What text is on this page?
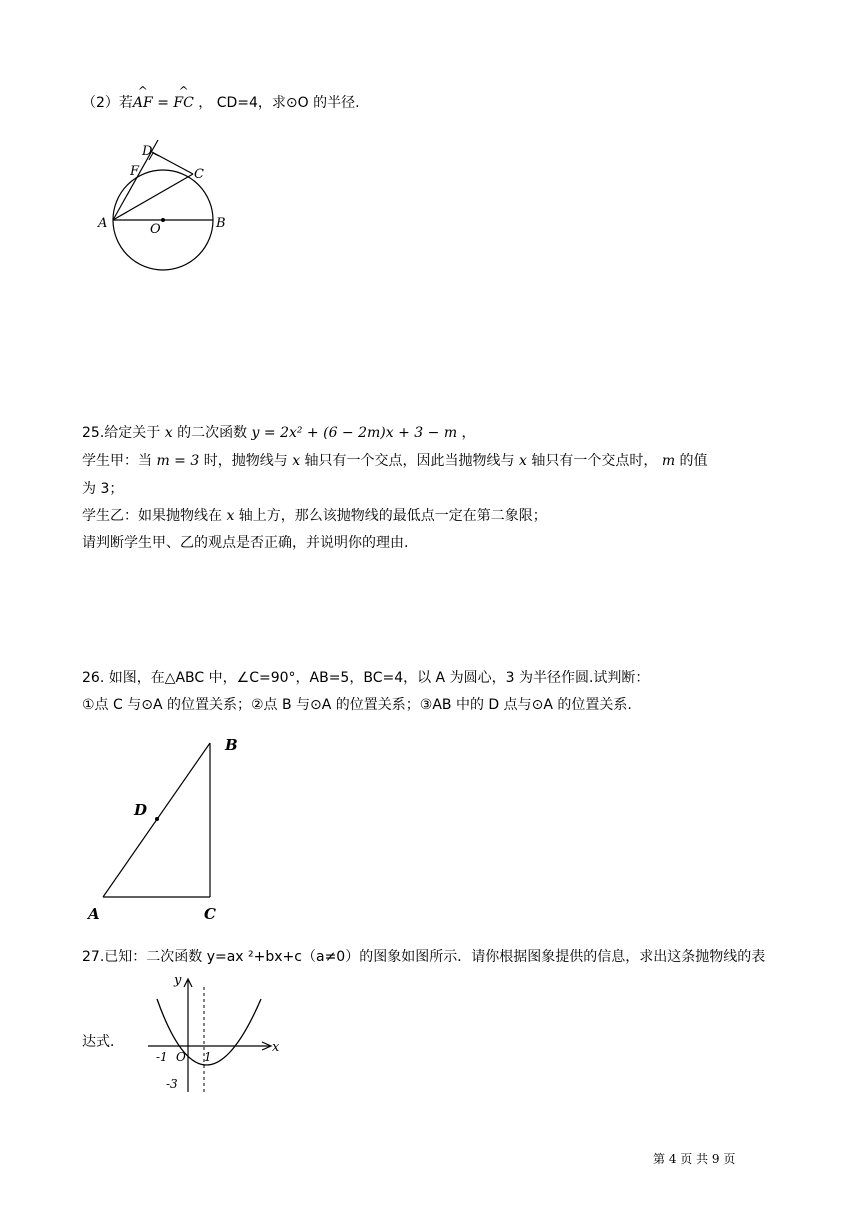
（2）若^ AF = ^ FC ， CD=4，求⊙O 的半径.
A	B
C
D
F
O
25.给定关于 x 的二次函数 y = 2x² + (6 − 2m)x + 3 − m ，
学生甲：当 m = 3 时，抛物线与 x 轴只有一个交点，因此当抛物线与 x 轴只有一个交点时， m 的值
为 3；
学生乙：如果抛物线在 x 轴上方，那么该抛物线的最低点一定在第二象限；
请判断学生甲、乙的观点是否正确，并说明你的理由.
26. 如图，在△ABC 中，∠C=90°，AB=5，BC=4，以 A 为圆心，3 为半径作圆.试判断：
①点 C 与⊙A 的位置关系；②点 B 与⊙A 的位置关系；③AB 中的 D 点与⊙A 的位置关系.
B
D
A	C
27.已知：二次函数 y=ax ²+bx+c（a≠0）的图象如图所示．请你根据图象提供的信息，求出这条抛物线的表
达式．
y
x
O
-1	1
-3
第 4 页 共 9 页
